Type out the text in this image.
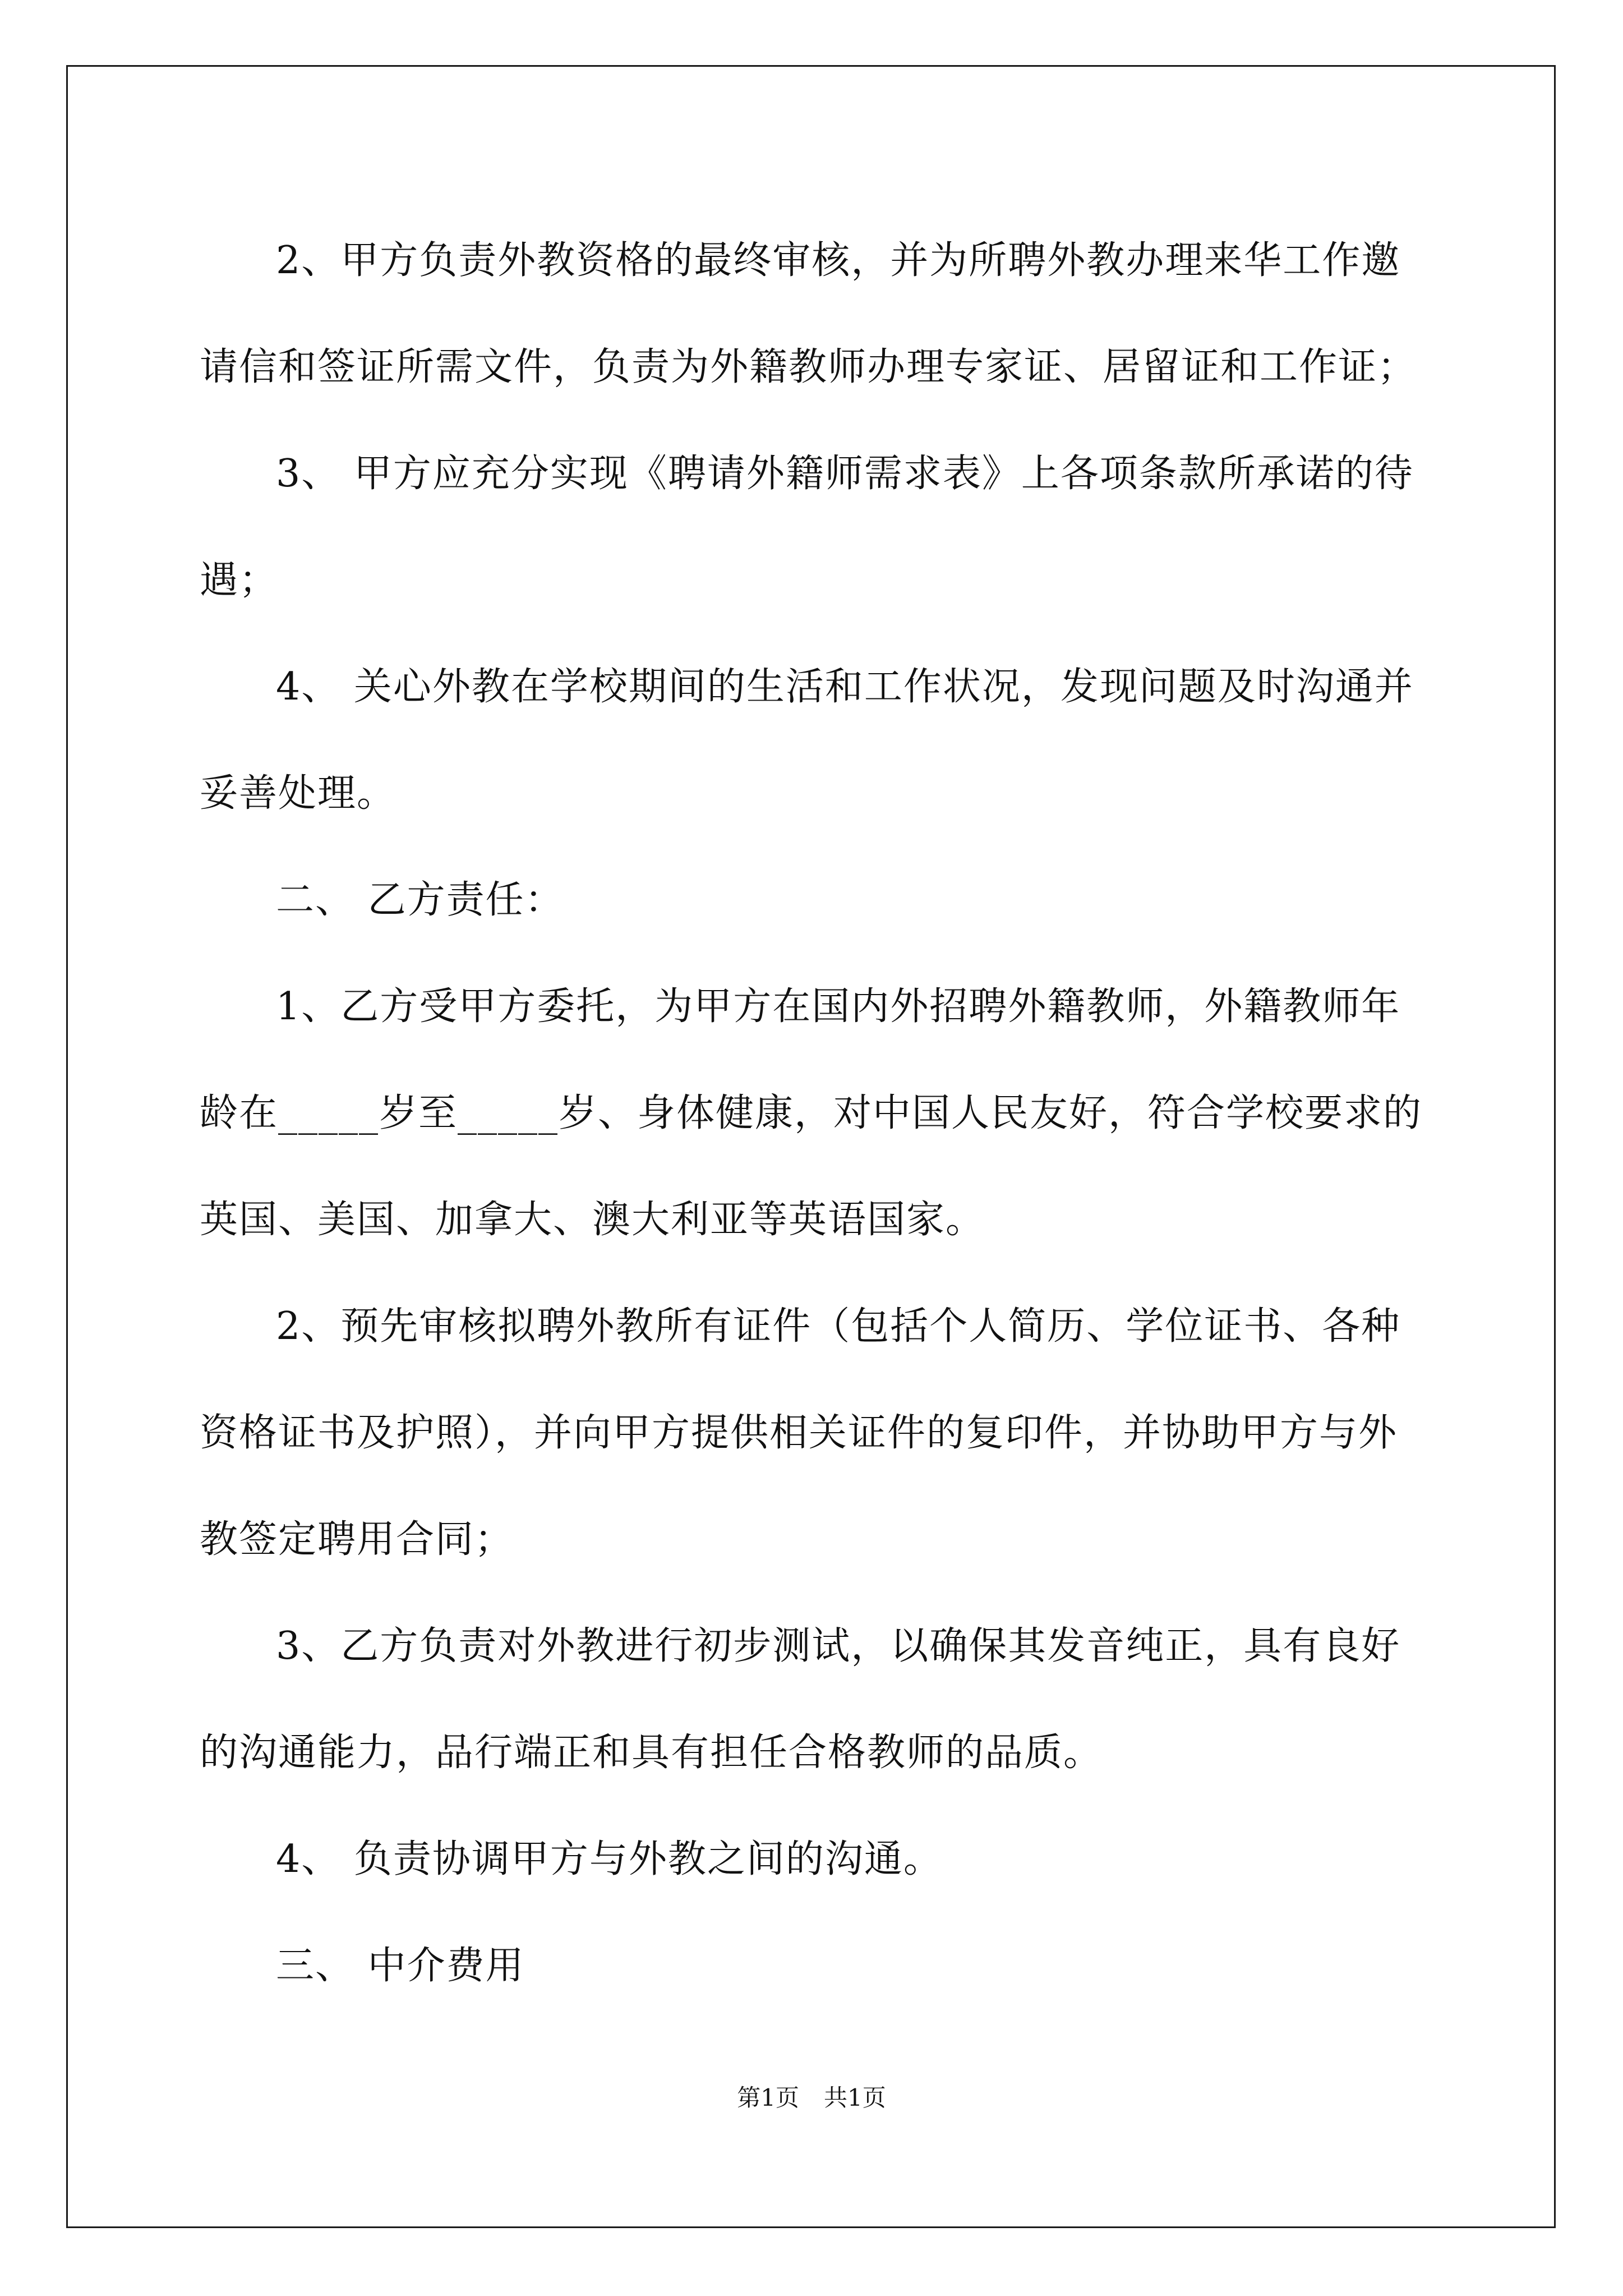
2、甲方负责外教资格的最终审核，并为所聘外教办理来华工作邀请信和签证所需文件，负责为外籍教师办理专家证、居留证和工作证；

3、 甲方应充分实现《聘请外籍师需求表》上各项条款所承诺的待遇；

4、 关心外教在学校期间的生活和工作状况，发现问题及时沟通并妥善处理。

二、 乙方责任：

1、乙方受甲方委托，为甲方在国内外招聘外籍教师，外籍教师年龄在_____岁至_____岁、身体健康，对中国人民友好，符合学校要求的英国、美国、加拿大、澳大利亚等英语国家。

2、预先审核拟聘外教所有证件（包括个人简历、学位证书、各种资格证书及护照），并向甲方提供相关证件的复印件，并协助甲方与外教签定聘用合同；

3、乙方负责对外教进行初步测试，以确保其发音纯正，具有良好的沟通能力，品行端正和具有担任合格教师的品质。

4、 负责协调甲方与外教之间的沟通。

三、 中介费用

第1页 共1页
